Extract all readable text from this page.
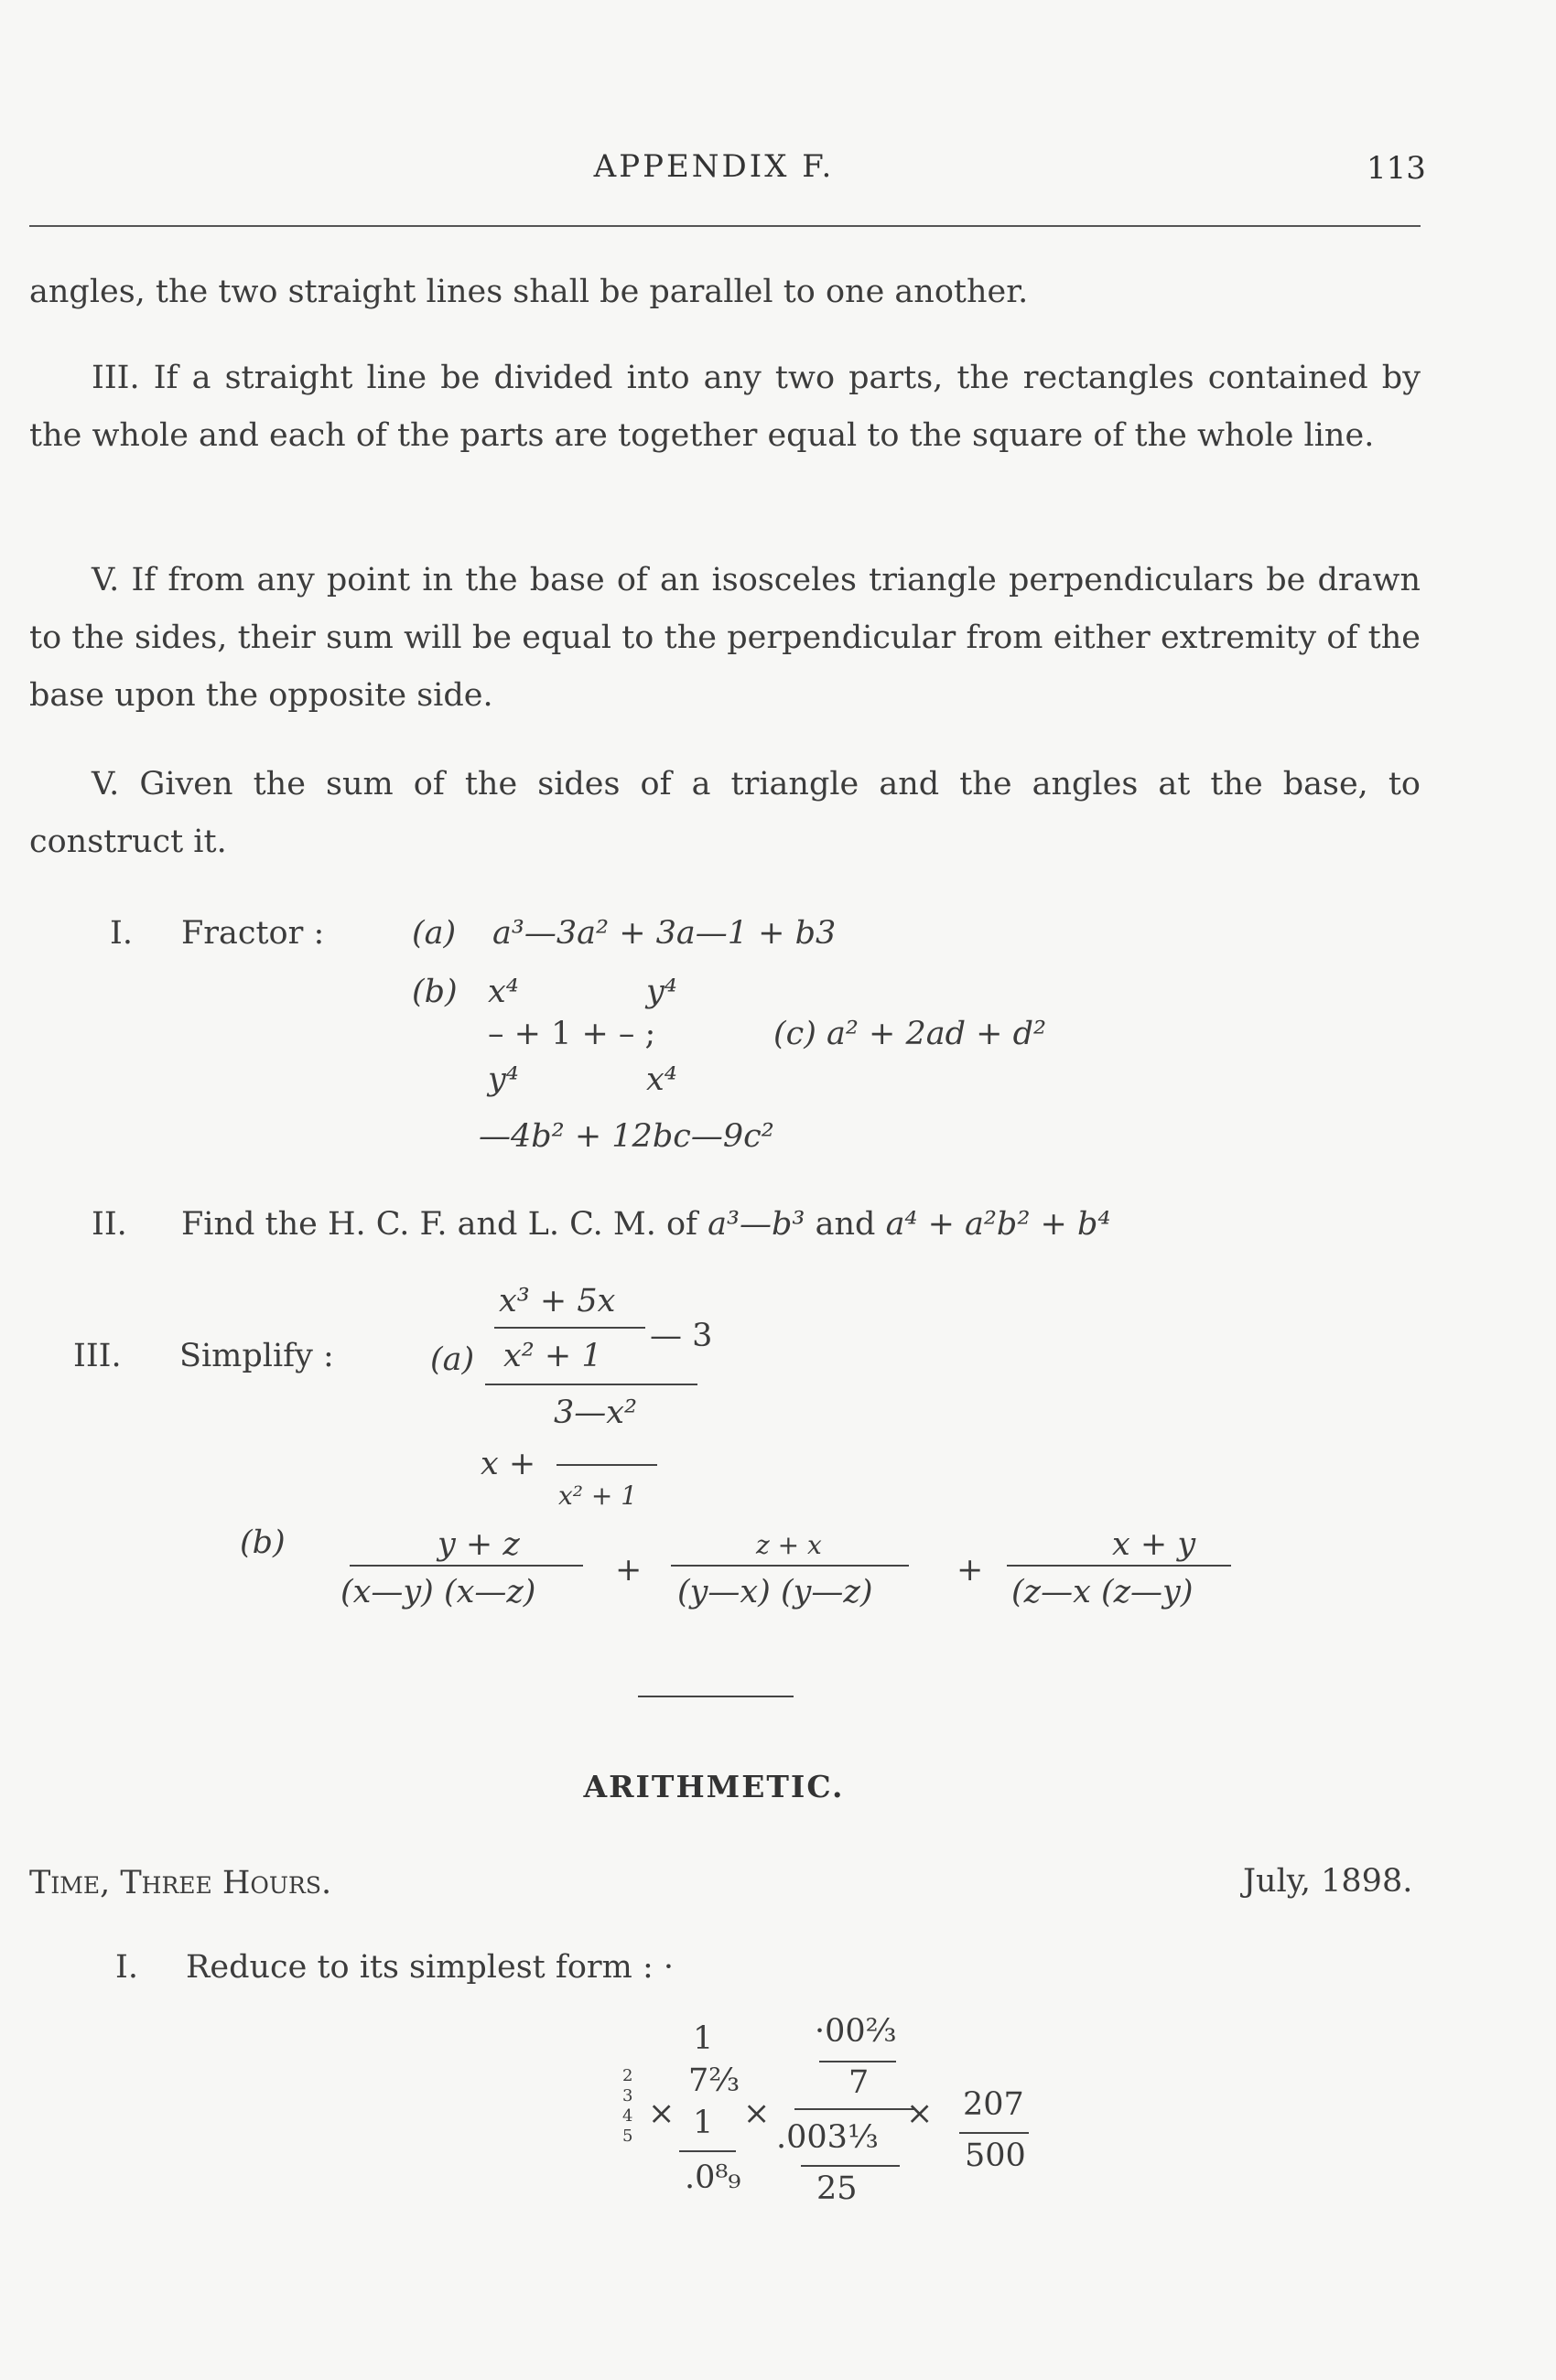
APPENDIX F.	113
angles, the two straight lines shall be parallel to one another.
III. If a straight line be divided into any two parts, the rectangles contained by the whole and each of the parts are together equal to the square of the whole line.
V. If from any point in the base of an isosceles triangle perpendiculars be drawn to the sides, their sum will be equal to the perpendicular from either extremity of the base upon the opposite side.
V. Given the sum of the sides of a triangle and the angles at the base, to construct it.
I. Fractor :	(a) a³—3a² + 3a—1 + b3
(b) x⁴	y⁴
– + 1 + – ;	(c) a² + 2ad + d²
y⁴	x⁴
—4b² + 12bc—9c²
II. Find the H. C. F. and L. C. M. of a³—b³ and a⁴ + a²b² + b⁴
III. Simplify :	(a)
x³ + 5x
x² + 1
— 3
3—x²
x +
x² + 1
(b)	y + z
(x—y) (x—z)
+
z + x
(y—x) (y—z)
+
x + y
(z—x (z—y)
ARITHMETIC.
Time, Three Hours.	July, 1898.
I. Reduce to its simplest form : ·
2
3
4
5
×
1
7⅔
1
.0⁸₉
×
·00⅔
7
.003⅓
25
× 207
500
